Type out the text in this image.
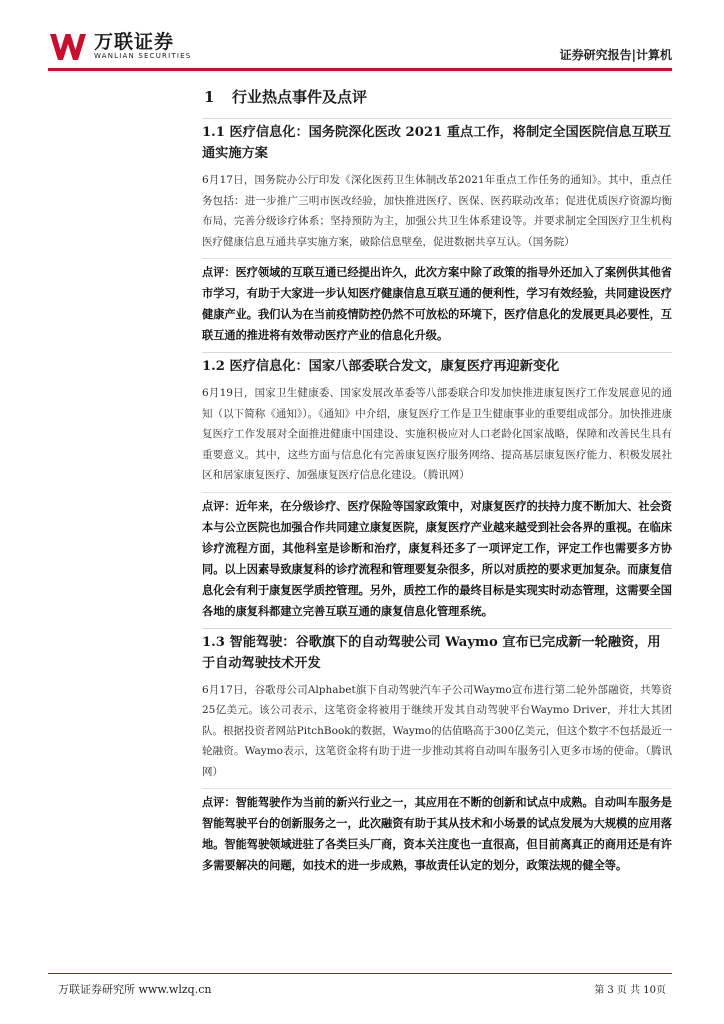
万联证券
WANLIAN SECURITIES	证券研究报告|计算机
1 行业热点事件及点评
1.1 医疗信息化：国务院深化医改 2021 重点工作，将制定全国医院信息互联互通实施方案

6月17日，国务院办公厅印发《深化医药卫生体制改革2021年重点工作任务的通知》。其中，重点任务包括：进一步推广三明市医改经验，加快推进医疗、医保、医药联动改革；促进优质医疗资源均衡布局，完善分级诊疗体系；坚持预防为主，加强公共卫生体系建设等。并要求制定全国医疗卫生机构医疗健康信息互通共享实施方案，破除信息壁垒，促进数据共享互认。（国务院）

点评：医疗领域的互联互通已经提出许久，此次方案中除了政策的指导外还加入了案例供其他省市学习，有助于大家进一步认知医疗健康信息互联互通的便利性，学习有效经验，共同建设医疗健康产业。我们认为在当前疫情防控仍然不可放松的环境下，医疗信息化的发展更具必要性，互联互通的推进将有效带动医疗产业的信息化升级。

1.2 医疗信息化：国家八部委联合发文，康复医疗再迎新变化

6月19日，国家卫生健康委、国家发展改革委等八部委联合印发加快推进康复医疗工作发展意见的通知（以下简称《通知》）。《通知》中介绍，康复医疗工作是卫生健康事业的重要组成部分。加快推进康复医疗工作发展对全面推进健康中国建设、实施积极应对人口老龄化国家战略，保障和改善民生具有重要意义。其中，这些方面与信息化有完善康复医疗服务网络、提高基层康复医疗能力、积极发展社区和居家康复医疗、加强康复医疗信息化建设。（腾讯网）

点评：近年来，在分级诊疗、医疗保险等国家政策中，对康复医疗的扶持力度不断加大、社会资本与公立医院也加强合作共同建立康复医院，康复医疗产业越来越受到社会各界的重视。在临床诊疗流程方面，其他科室是诊断和治疗，康复科还多了一项评定工作，评定工作也需要多方协同。以上因素导致康复科的诊疗流程和管理要复杂很多，所以对质控的要求更加复杂。而康复信息化会有利于康复医学质控管理。另外，质控工作的最终目标是实现实时动态管理，这需要全国各地的康复科都建立完善互联互通的康复信息化管理系统。

1.3 智能驾驶：谷歌旗下的自动驾驶公司 Waymo 宣布已完成新一轮融资，用于自动驾驶技术开发

6月17日，谷歌母公司Alphabet旗下自动驾驶汽车子公司Waymo宣布进行第二轮外部融资，共筹资25亿美元。该公司表示，这笔资金将被用于继续开发其自动驾驶平台Waymo Driver，并壮大其团队。根据投资者网站PitchBook的数据，Waymo的估值略高于300亿美元，但这个数字不包括最近一轮融资。Waymo表示，这笔资金将有助于进一步推动其将自动叫车服务引入更多市场的使命。（腾讯网）

点评：智能驾驶作为当前的新兴行业之一，其应用在不断的创新和试点中成熟。自动叫车服务是智能驾驶平台的创新服务之一，此次融资有助于其从技术和小场景的试点发展为大规模的应用落地。智能驾驶领域进驻了各类巨头厂商，资本关注度也一直很高，但目前离真正的商用还是有许多需要解决的问题，如技术的进一步成熟，事故责任认定的划分，政策法规的健全等。

万联证券研究所 www.wlzq.cn	第 3 页 共 10页
